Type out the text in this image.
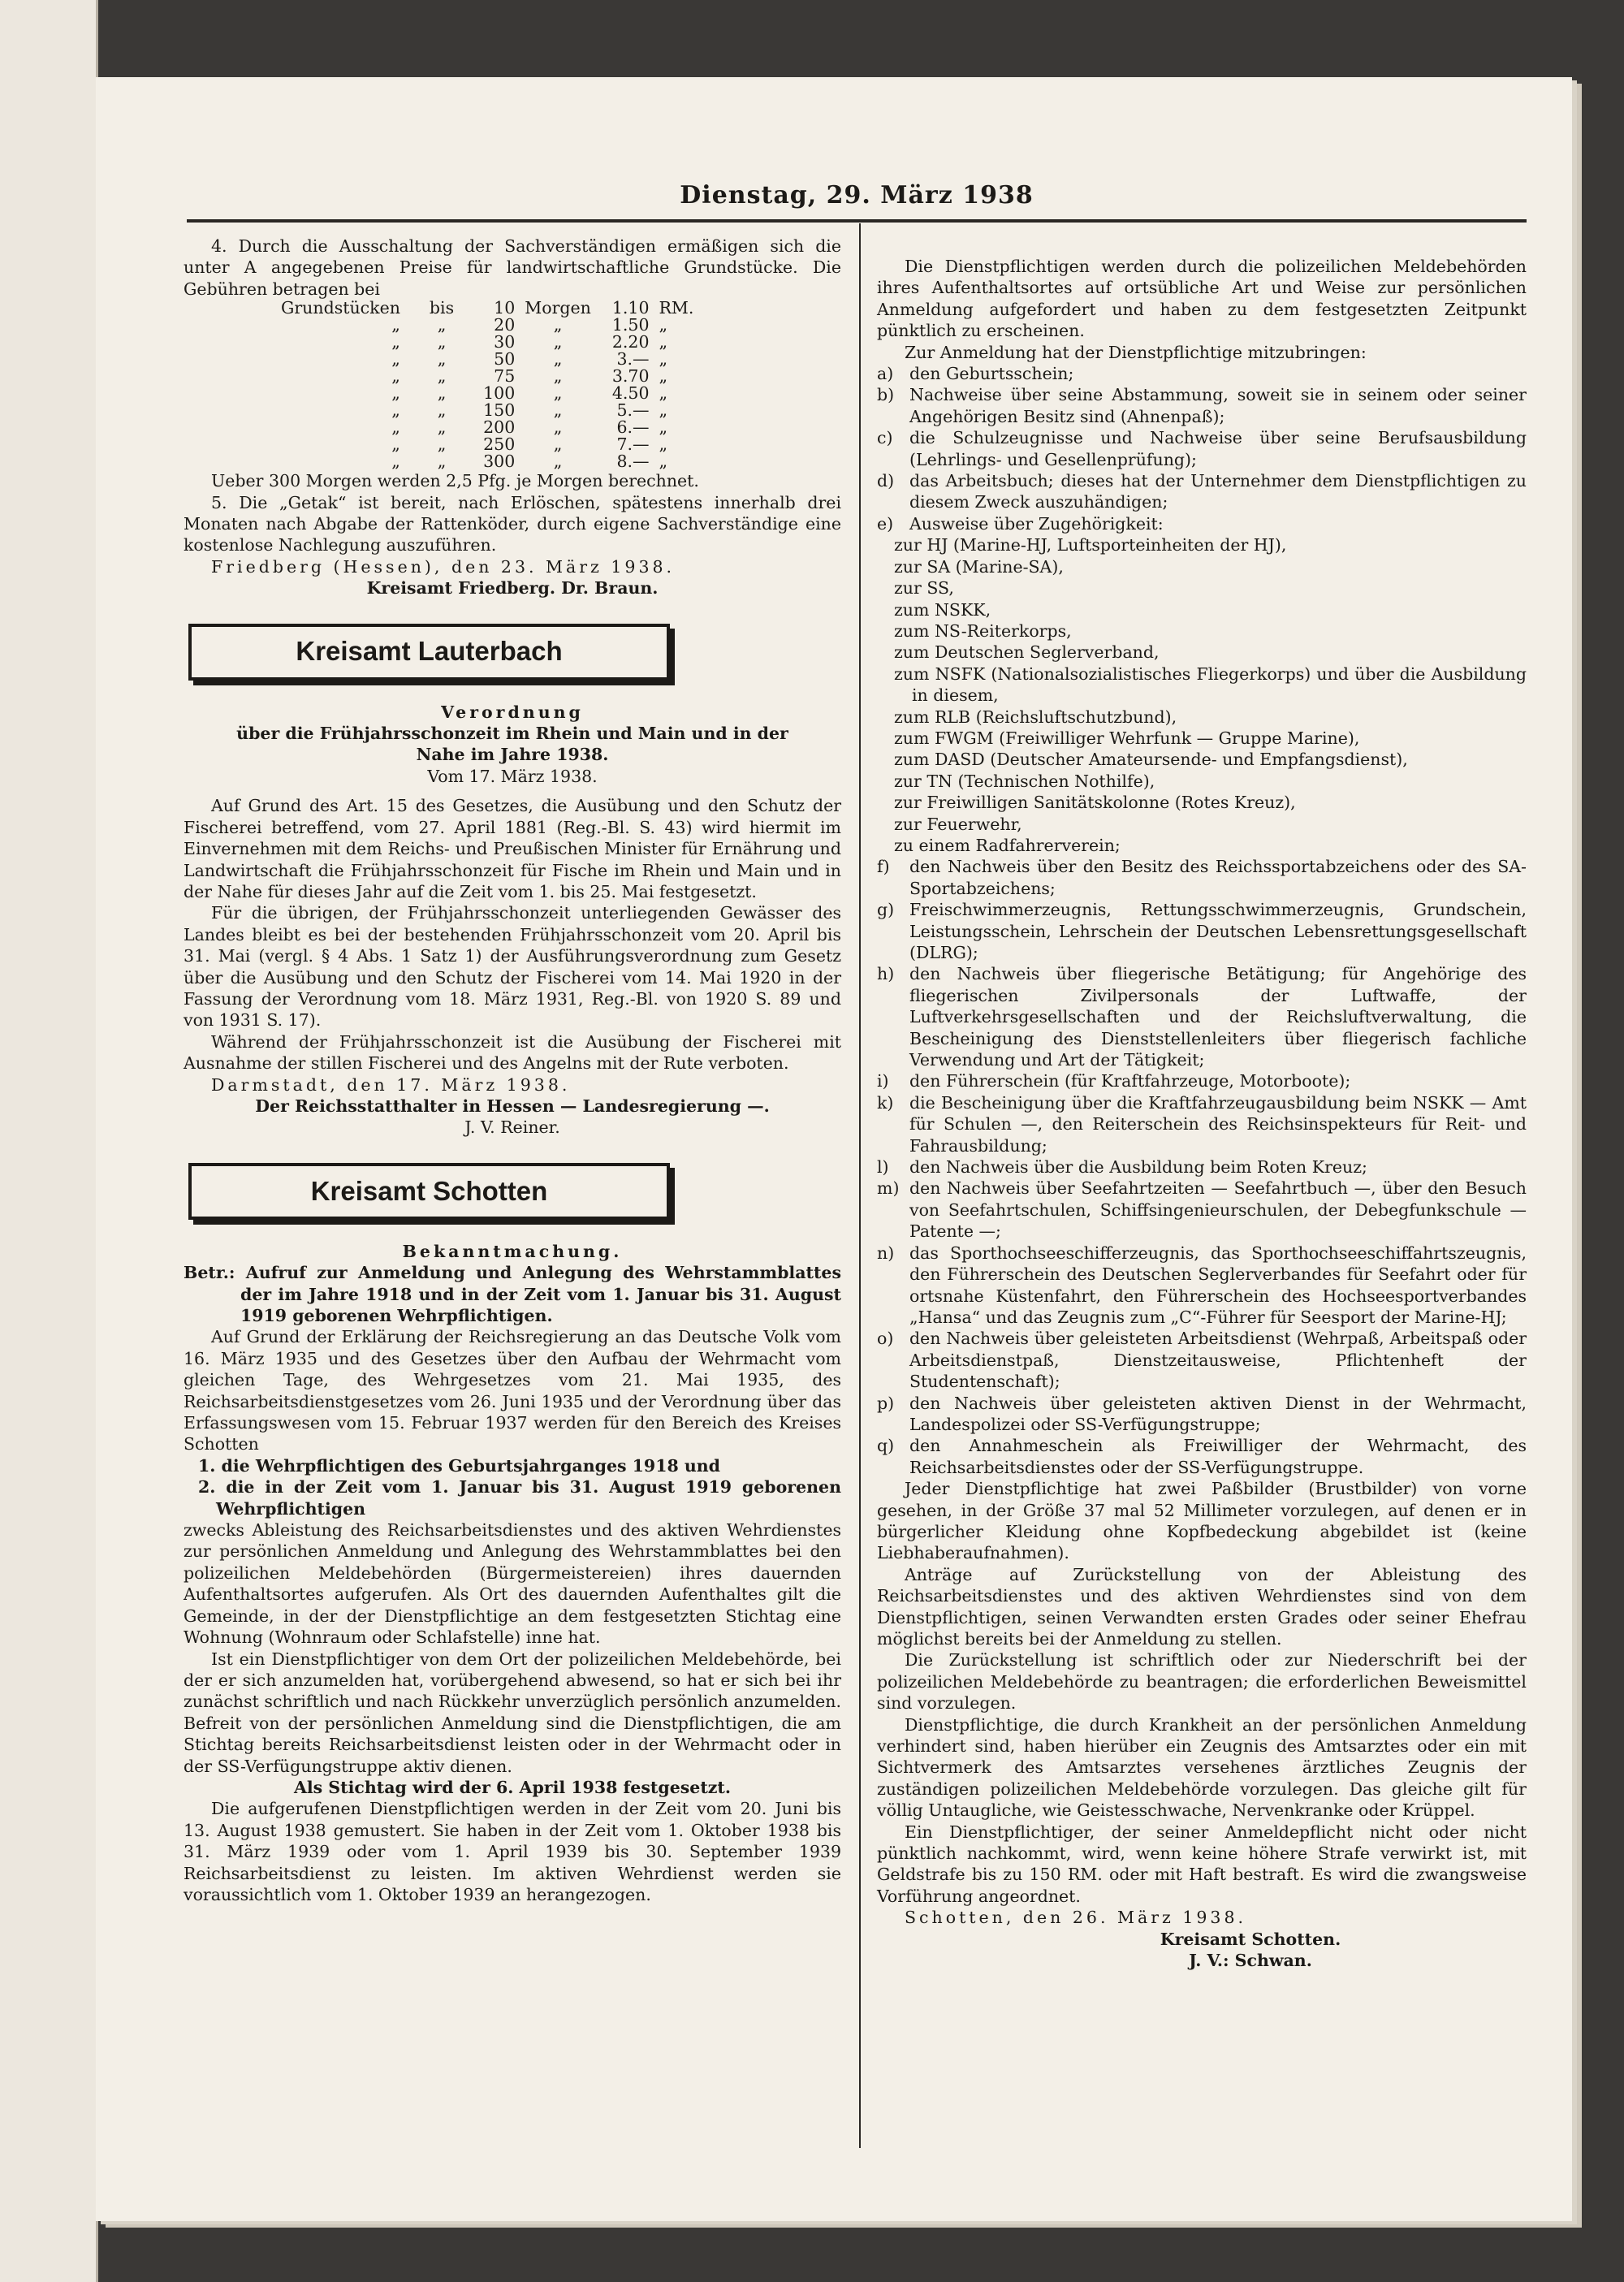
Dienstag, 29. März 1938

4. Durch die Ausschaltung der Sachverständigen ermäßigen sich die unter A angegebenen Preise für landwirtschaftliche Grundstücke. Die Gebühren betragen bei

Grundstücken	bis	10	Morgen	1.10	RM.
„	„	20	„	1.50	„
„	„	30	„	2.20	„
„	„	50	„	3.—	„
„	„	75	„	3.70	„
„	„	100	„	4.50	„
„	„	150	„	5.—	„
„	„	200	„	6.—	„
„	„	250	„	7.—	„
„	„	300	„	8.—	„

Ueber 300 Morgen werden 2,5 Pfg. je Morgen berechnet.

5. Die „Getak“ ist bereit, nach Erlöschen, spätestens innerhalb drei Monaten nach Abgabe der Rattenköder, durch eigene Sachverständige eine kostenlose Nachlegung auszuführen.

Friedberg (Hessen), den 23. März 1938.

Kreisamt Friedberg. Dr. Braun.

Kreisamt Lauterbach

Verordnung

über die Frühjahrsschonzeit im Rhein und Main und in der Nahe im Jahre 1938.

Vom 17. März 1938.

Auf Grund des Art. 15 des Gesetzes, die Ausübung und den Schutz der Fischerei betreffend, vom 27. April 1881 (Reg.-Bl. S. 43) wird hiermit im Einvernehmen mit dem Reichs- und Preußischen Minister für Ernährung und Landwirtschaft die Frühjahrsschonzeit für Fische im Rhein und Main und in der Nahe für dieses Jahr auf die Zeit vom 1. bis 25. Mai festgesetzt.

Für die übrigen, der Frühjahrsschonzeit unterliegenden Gewässer des Landes bleibt es bei der bestehenden Frühjahrsschonzeit vom 20. April bis 31. Mai (vergl. § 4 Abs. 1 Satz 1) der Ausführungsverordnung zum Gesetz über die Ausübung und den Schutz der Fischerei vom 14. Mai 1920 in der Fassung der Verordnung vom 18. März 1931, Reg.-Bl. von 1920 S. 89 und von 1931 S. 17).

Während der Frühjahrsschonzeit ist die Ausübung der Fischerei mit Ausnahme der stillen Fischerei und des Angelns mit der Rute verboten.

Darmstadt, den 17. März 1938.

Der Reichsstatthalter in Hessen — Landesregierung —.

J. V. Reiner.

Kreisamt Schotten

Bekanntmachung.

Betr.: Aufruf zur Anmeldung und Anlegung des Wehrstammblattes der im Jahre 1918 und in der Zeit vom 1. Januar bis 31. August 1919 geborenen Wehrpflichtigen.

Auf Grund der Erklärung der Reichsregierung an das Deutsche Volk vom 16. März 1935 und des Gesetzes über den Aufbau der Wehrmacht vom gleichen Tage, des Wehrgesetzes vom 21. Mai 1935, des Reichsarbeitsdienstgesetzes vom 26. Juni 1935 und der Verordnung über das Erfassungswesen vom 15. Februar 1937 werden für den Bereich des Kreises Schotten

1. die Wehrpflichtigen des Geburtsjahrganges 1918 und

2. die in der Zeit vom 1. Januar bis 31. August 1919 geborenen Wehrpflichtigen

zwecks Ableistung des Reichsarbeitsdienstes und des aktiven Wehrdienstes zur persönlichen Anmeldung und Anlegung des Wehrstammblattes bei den polizeilichen Meldebehörden (Bürgermeistereien) ihres dauernden Aufenthaltsortes aufgerufen. Als Ort des dauernden Aufenthaltes gilt die Gemeinde, in der der Dienstpflichtige an dem festgesetzten Stichtag eine Wohnung (Wohnraum oder Schlafstelle) inne hat.

Ist ein Dienstpflichtiger von dem Ort der polizeilichen Meldebehörde, bei der er sich anzumelden hat, vorübergehend abwesend, so hat er sich bei ihr zunächst schriftlich und nach Rückkehr unverzüglich persönlich anzumelden. Befreit von der persönlichen Anmeldung sind die Dienstpflichtigen, die am Stichtag bereits Reichsarbeitsdienst leisten oder in der Wehrmacht oder in der SS-Verfügungstruppe aktiv dienen.

Als Stichtag wird der 6. April 1938 festgesetzt.

Die aufgerufenen Dienstpflichtigen werden in der Zeit vom 20. Juni bis 13. August 1938 gemustert. Sie haben in der Zeit vom 1. Oktober 1938 bis 31. März 1939 oder vom 1. April 1939 bis 30. September 1939 Reichsarbeitsdienst zu leisten. Im aktiven Wehrdienst werden sie voraussichtlich vom 1. Oktober 1939 an herangezogen.

Die Dienstpflichtigen werden durch die polizeilichen Meldebehörden ihres Aufenthaltsortes auf ortsübliche Art und Weise zur persönlichen Anmeldung aufgefordert und haben zu dem festgesetzten Zeitpunkt pünktlich zu erscheinen.

Zur Anmeldung hat der Dienstpflichtige mitzubringen:

a) den Geburtsschein;
b) Nachweise über seine Abstammung, soweit sie in seinem oder seiner Angehörigen Besitz sind (Ahnenpaß);
c)	die Schulzeugnisse und Nachweise über seine Berufsausbildung (Lehrlings- und Gesellenprüfung);
d) das Arbeitsbuch; dieses hat der Unternehmer dem Dienstpflichtigen zu diesem Zweck auszuhändigen;
e) Ausweise über Zugehörigkeit:

zur HJ (Marine-HJ, Luftsporteinheiten der HJ),

zur SA (Marine-SA),

zur SS,

zum NSKK,

zum NS-Reiterkorps,

zum Deutschen Seglerverband,

zum NSFK (Nationalsozialistisches Fliegerkorps) und über die Ausbildung in diesem,

zum RLB (Reichsluftschutzbund),

zum FWGM (Freiwilliger Wehrfunk — Gruppe Marine),

zum DASD (Deutscher Amateursende- und Empfangsdienst),

zur TN (Technischen Nothilfe),

zur Freiwilligen Sanitätskolonne (Rotes Kreuz),

zur Feuerwehr,

zu einem Radfahrerverein;

f)	den Nachweis über den Besitz des Reichssportabzeichens oder des SA-Sportabzeichens;
g) Freischwimmerzeugnis, Rettungsschwimmerzeugnis, Grundschein, Leistungsschein, Lehrschein der Deutschen Lebensrettungsgesellschaft (DLRG);
h) den Nachweis über fliegerische Betätigung; für Angehörige des fliegerischen Zivilpersonals der Luftwaffe, der Luftverkehrsgesellschaften und der Reichsluftverwaltung, die Bescheinigung des Dienststellenleiters über fliegerisch fachliche Verwendung und Art der Tätigkeit;
i)	den Führerschein (für Kraftfahrzeuge, Motorboote);
k) die Bescheinigung über die Kraftfahrzeugausbildung beim NSKK — Amt für Schulen —, den Reiterschein des Reichsinspekteurs für Reit- und Fahrausbildung;
l)	den Nachweis über die Ausbildung beim Roten Kreuz;
m) den Nachweis über Seefahrtzeiten — Seefahrtbuch —, über den Besuch von Seefahrtschulen, Schiffsingenieurschulen, der Debegfunkschule — Patente —;
n) das Sporthochseeschifferzeugnis, das Sporthochseeschiffahrtszeugnis, den Führerschein des Deutschen Seglerverbandes für Seefahrt oder für ortsnahe Küstenfahrt, den Führerschein des Hochseesportverbandes „Hansa“ und das Zeugnis zum „C“-Führer für Seesport der Marine-HJ;
o) den Nachweis über geleisteten Arbeitsdienst (Wehrpaß, Arbeitspaß oder Arbeitsdienstpaß, Dienstzeitausweise, Pflichtenheft der Studentenschaft);
p) den Nachweis über geleisteten aktiven Dienst in der Wehrmacht, Landespolizei oder SS-Verfügungstruppe;
q) den Annahmeschein als Freiwilliger der Wehrmacht, des Reichsarbeitsdienstes oder der SS-Verfügungstruppe.

Jeder Dienstpflichtige hat zwei Paßbilder (Brustbilder) von vorne gesehen, in der Größe 37 mal 52 Millimeter vorzulegen, auf denen er in bürgerlicher Kleidung ohne Kopfbedeckung abgebildet ist (keine Liebhaberaufnahmen).

Anträge auf Zurückstellung von der Ableistung des Reichsarbeitsdienstes und des aktiven Wehrdienstes sind von dem Dienstpflichtigen, seinen Verwandten ersten Grades oder seiner Ehefrau möglichst bereits bei der Anmeldung zu stellen.

Die Zurückstellung ist schriftlich oder zur Niederschrift bei der polizeilichen Meldebehörde zu beantragen; die erforderlichen Beweismittel sind vorzulegen.

Dienstpflichtige, die durch Krankheit an der persönlichen Anmeldung verhindert sind, haben hierüber ein Zeugnis des Amtsarztes oder ein mit Sichtvermerk des Amtsarztes versehenes ärztliches Zeugnis der zuständigen polizeilichen Meldebehörde vorzulegen. Das gleiche gilt für völlig Untaugliche, wie Geistesschwache, Nervenkranke oder Krüppel.

Ein Dienstpflichtiger, der seiner Anmeldepflicht nicht oder nicht pünktlich nachkommt, wird, wenn keine höhere Strafe verwirkt ist, mit Geldstrafe bis zu 150 RM. oder mit Haft bestraft. Es wird die zwangsweise Vorführung angeordnet.

Schotten, den 26. März 1938.

Kreisamt Schotten.

J. V.: Schwan.
